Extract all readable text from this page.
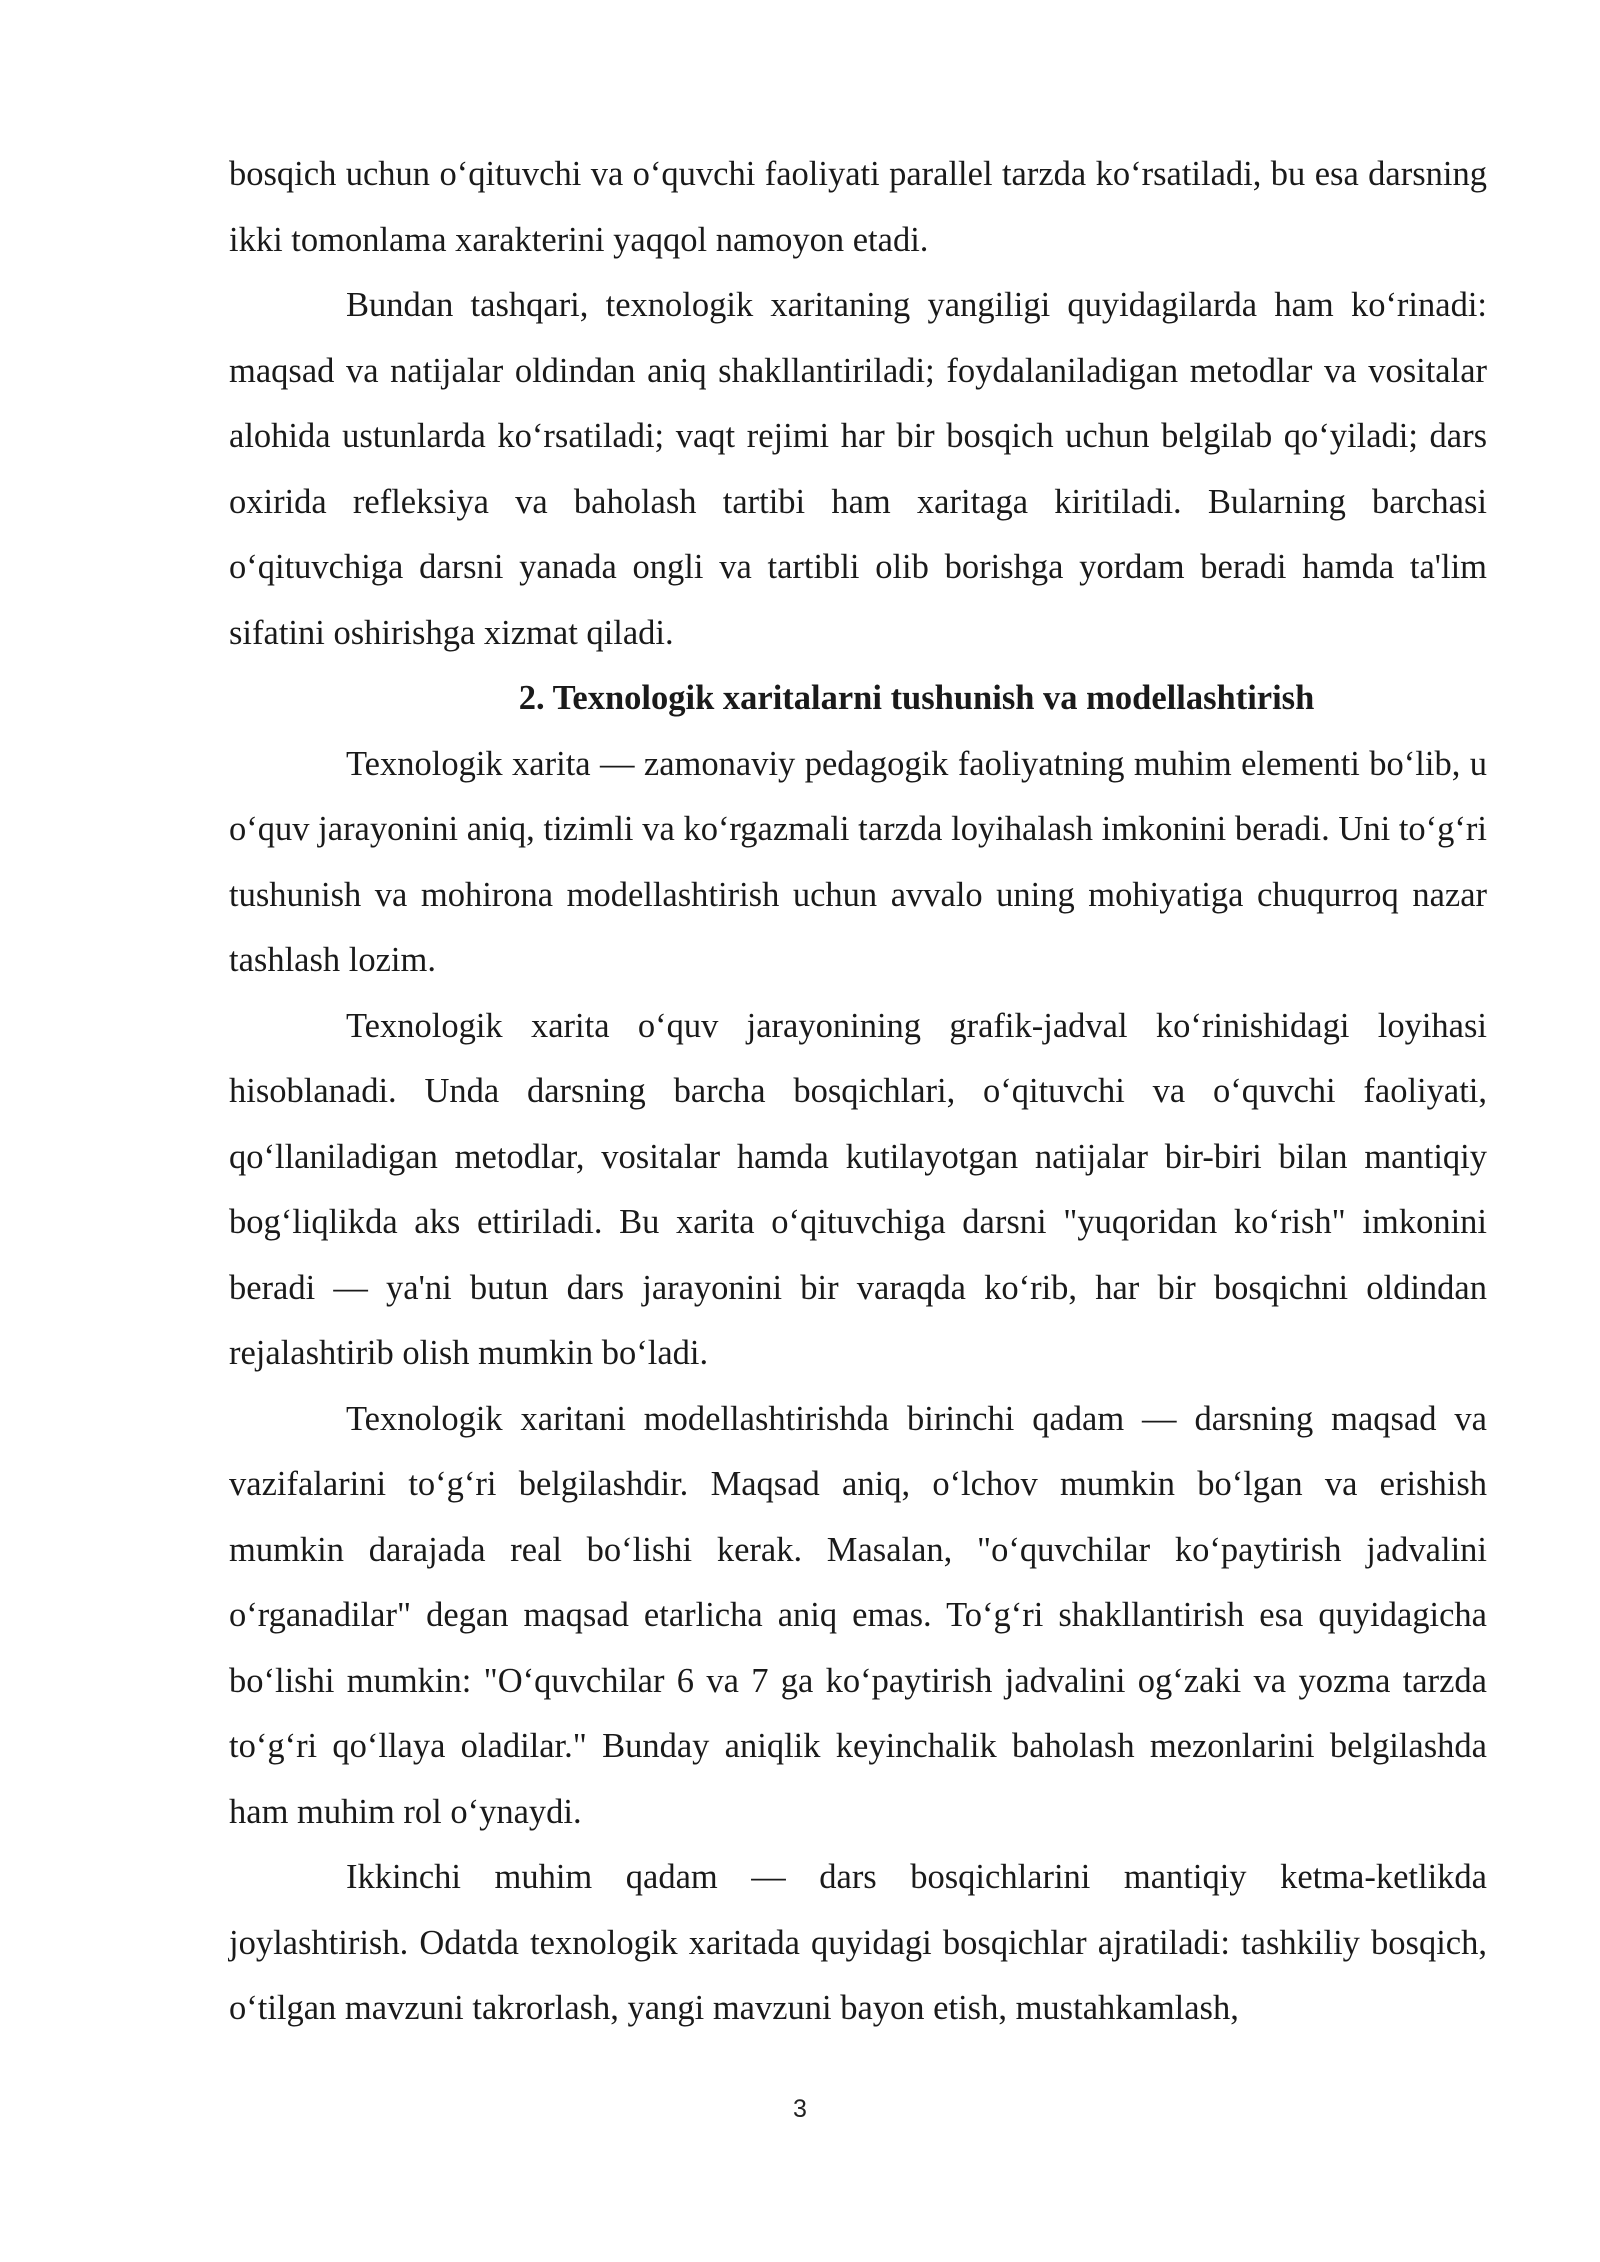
bosqich uchun o‘qituvchi va o‘quvchi faoliyati parallel tarzda ko‘rsatiladi, bu esa darsning ikki tomonlama xarakterini yaqqol namoyon etadi.

Bundan tashqari, texnologik xaritaning yangiligi quyidagilarda ham ko‘rinadi: maqsad va natijalar oldindan aniq shakllantiriladi; foydalaniladigan metodlar va vositalar alohida ustunlarda ko‘rsatiladi; vaqt rejimi har bir bosqich uchun belgilab qo‘yiladi; dars oxirida refleksiya va baholash tartibi ham xaritaga kiritiladi. Bularning barchasi o‘qituvchiga darsni yanada ongli va tartibli olib borishga yordam beradi hamda ta'lim sifatini oshirishga xizmat qiladi.

2. Texnologik xaritalarni tushunish va modellashtirish

Texnologik xarita — zamonaviy pedagogik faoliyatning muhim elementi bo‘lib, u o‘quv jarayonini aniq, tizimli va ko‘rgazmali tarzda loyihalash imkonini beradi. Uni to‘g‘ri tushunish va mohirona modellashtirish uchun avvalo uning mohiyatiga chuqurroq nazar tashlash lozim.

Texnologik xarita o‘quv jarayonining grafik-jadval ko‘rinishidagi loyihasi hisoblanadi. Unda darsning barcha bosqichlari, o‘qituvchi va o‘quvchi faoliyati, qo‘llaniladigan metodlar, vositalar hamda kutilayotgan natijalar bir-biri bilan mantiqiy bog‘liqlikda aks ettiriladi. Bu xarita o‘qituvchiga darsni "yuqoridan ko‘rish" imkonini beradi — ya'ni butun dars jarayonini bir varaqda ko‘rib, har bir bosqichni oldindan rejalashtirib olish mumkin bo‘ladi.

Texnologik xaritani modellashtirishda birinchi qadam — darsning maqsad va vazifalarini to‘g‘ri belgilashdir. Maqsad aniq, o‘lchov mumkin bo‘lgan va erishish mumkin darajada real bo‘lishi kerak. Masalan, "o‘quvchilar ko‘paytirish jadvalini o‘rganadilar" degan maqsad etarlicha aniq emas. To‘g‘ri shakllantirish esa quyidagicha bo‘lishi mumkin: "O‘quvchilar 6 va 7 ga ko‘paytirish jadvalini og‘zaki va yozma tarzda to‘g‘ri qo‘llaya oladilar." Bunday aniqlik keyinchalik baholash mezonlarini belgilashda ham muhim rol o‘ynaydi.

Ikkinchi muhim qadam — dars bosqichlarini mantiqiy ketma-ketlikda joylashtirish. Odatda texnologik xaritada quyidagi bosqichlar ajratiladi: tashkiliy bosqich, o‘tilgan mavzuni takrorlash, yangi mavzuni bayon etish, mustahkamlash,

3
